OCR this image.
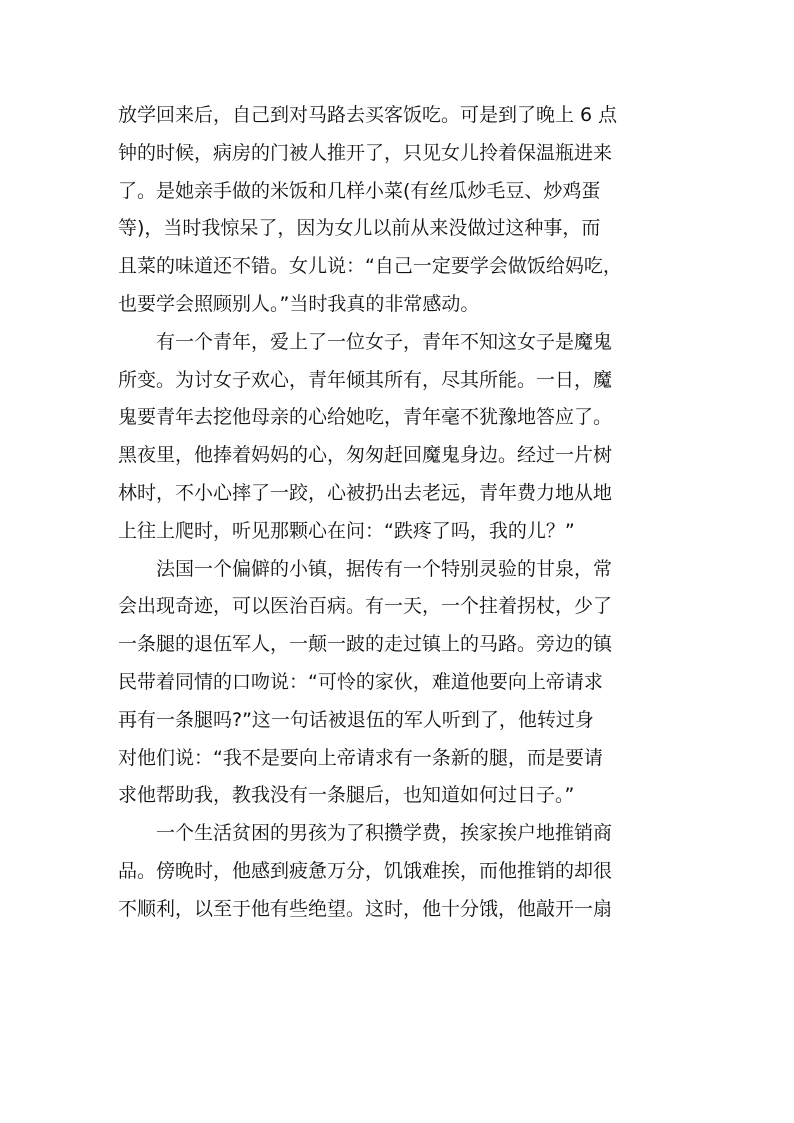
放学回来后，自己到对马路去买客饭吃。可是到了晚上 6 点
钟的时候，病房的门被人推开了，只见女儿拎着保温瓶进来
了。是她亲手做的米饭和几样小菜(有丝瓜炒毛豆、炒鸡蛋
等)，当时我惊呆了，因为女儿以前从来没做过这种事，而
且菜的味道还不错。女儿说：“自己一定要学会做饭给妈吃，
也要学会照顾别人。”当时我真的非常感动。
有一个青年，爱上了一位女子，青年不知这女子是魔鬼
所变。为讨女子欢心，青年倾其所有，尽其所能。一日，魔
鬼要青年去挖他母亲的心给她吃，青年毫不犹豫地答应了。
黑夜里，他捧着妈妈的心，匆匆赶回魔鬼身边。经过一片树
林时，不小心摔了一跤，心被扔出去老远，青年费力地从地
上往上爬时，听见那颗心在问：“跌疼了吗，我的儿？”
法国一个偏僻的小镇，据传有一个特别灵验的甘泉，常
会出现奇迹，可以医治百病。有一天，一个拄着拐杖，少了
一条腿的退伍军人，一颠一跛的走过镇上的马路。旁边的镇
民带着同情的口吻说：“可怜的家伙，难道他要向上帝请求
再有一条腿吗?”这一句话被退伍的军人听到了，他转过身
对他们说：“我不是要向上帝请求有一条新的腿，而是要请
求他帮助我，教我没有一条腿后，也知道如何过日子。”
一个生活贫困的男孩为了积攒学费，挨家挨户地推销商
品。傍晚时，他感到疲惫万分，饥饿难挨，而他推销的却很
不顺利，以至于他有些绝望。这时，他十分饿，他敲开一扇
